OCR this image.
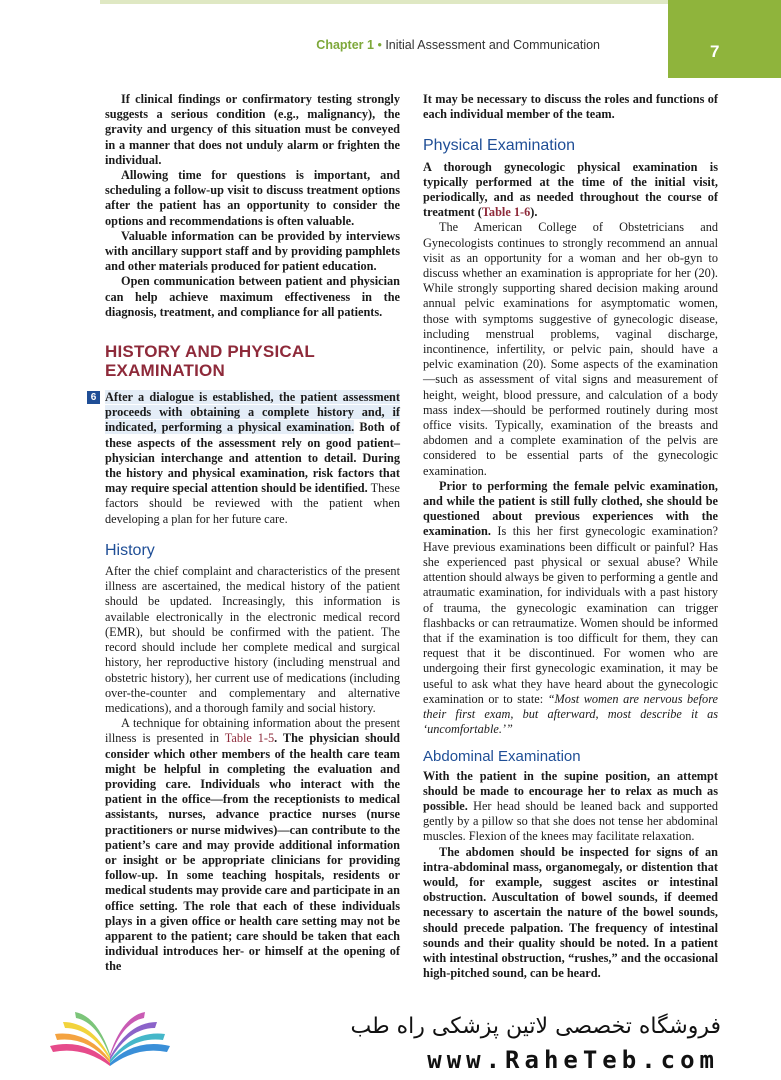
Chapter 1 • Initial Assessment and Communication	7

If clinical findings or confirmatory testing strongly suggests a serious condition (e.g., malignancy), the gravity and urgency of this situation must be conveyed in a manner that does not unduly alarm or frighten the individual.

Allowing time for questions is important, and scheduling a follow-up visit to discuss treatment options after the patient has an opportunity to consider the options and recommendations is often valuable.

Valuable information can be provided by interviews with ancillary support staff and by providing pamphlets and other materials produced for patient education.

Open communication between patient and physician can help achieve maximum effectiveness in the diagnosis, treatment, and compliance for all patients.

HISTORY AND PHYSICAL
EXAMINATION

6 After a dialogue is established, the patient assessment proceeds with obtaining a complete history and, if indicated, performing a physical examination. Both of these aspects of the assessment rely on good patient–physician interchange and attention to detail. During the history and physical examination, risk factors that may require special attention should be identified. These factors should be reviewed with the patient when developing a plan for her future care.

History

After the chief complaint and characteristics of the present illness are ascertained, the medical history of the patient should be updated. Increasingly, this information is available electronically in the electronic medical record (EMR), but should be confirmed with the patient. The record should include her complete medical and surgical history, her reproductive history (including menstrual and obstetric history), her current use of medications (including over-the-counter and complementary and alternative medications), and a thorough family and social history.

A technique for obtaining information about the present illness is presented in Table 1-5. The physician should consider which other members of the health care team might be helpful in completing the evaluation and providing care. Individuals who interact with the patient in the office—from the receptionists to medical assistants, nurses, advance practice nurses (nurse practitioners or nurse midwives)—can contribute to the patient’s care and may provide additional information or insight or be appropriate clinicians for providing follow-up. In some teaching hospitals, residents or medical students may provide care and participate in an office setting. The role that each of these individuals plays in a given office or health care setting may not be apparent to the patient; care should be taken that each individual introduces her- or himself at the opening of the

It may be necessary to discuss the roles and functions of each individual member of the team.

Physical Examination

A thorough gynecologic physical examination is typically performed at the time of the initial visit, periodically, and as needed throughout the course of treatment (Table 1-6).

The American College of Obstetricians and Gynecologists continues to strongly recommend an annual visit as an opportunity for a woman and her ob-gyn to discuss whether an examination is appropriate for her (20). While strongly supporting shared decision making around annual pelvic examinations for asymptomatic women, those with symptoms suggestive of gynecologic disease, including menstrual problems, vaginal discharge, incontinence, infertility, or pelvic pain, should have a pelvic examination (20). Some aspects of the examination—such as assessment of vital signs and measurement of height, weight, blood pressure, and calculation of a body mass index—should be performed routinely during most office visits. Typically, examination of the breasts and abdomen and a complete examination of the pelvis are considered to be essential parts of the gynecologic examination.

Prior to performing the female pelvic examination, and while the patient is still fully clothed, she should be questioned about previous experiences with the examination. Is this her first gynecologic examination? Have previous examinations been difficult or painful? Has she experienced past physical or sexual abuse? While attention should always be given to performing a gentle and atraumatic examination, for individuals with a past history of trauma, the gynecologic examination can trigger flashbacks or can retraumatize. Women should be informed that if the examination is too difficult for them, they can request that it be discontinued. For women who are undergoing their first gynecologic examination, it may be useful to ask what they have heard about the gynecologic examination or to state: “Most women are nervous before their first exam, but afterward, most describe it as ‘uncomfortable.’”

Abdominal Examination

With the patient in the supine position, an attempt should be made to encourage her to relax as much as possible. Her head should be leaned back and supported gently by a pillow so that she does not tense her abdominal muscles. Flexion of the knees may facilitate relaxation.

The abdomen should be inspected for signs of an intra-abdominal mass, organomegaly, or distention that would, for example, suggest ascites or intestinal obstruction. Auscultation of bowel sounds, if deemed necessary to ascertain the nature of the bowel sounds, should precede palpation. The frequency of intestinal sounds and their quality should be noted. In a patient with intestinal obstruction, “rushes,” and the occasional high-pitched sound, can be heard.

فروشگاه تخصصی لاتین پزشکی راه طب
www.RaheTeb.com
